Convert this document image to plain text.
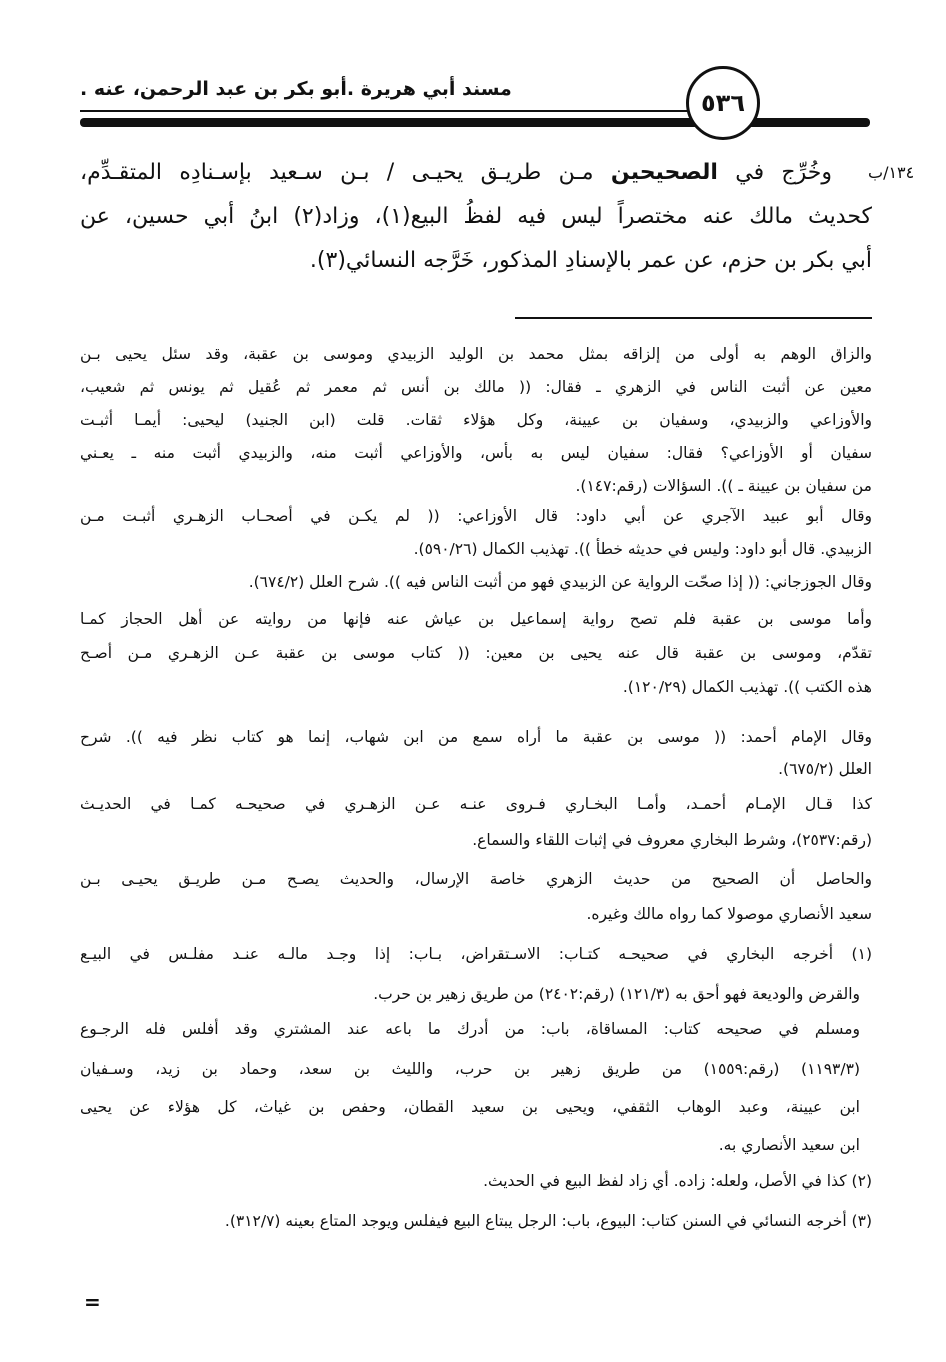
مسند أبي هريرة .أبو بكر بن عبد الرحمن، عنه .	٥٣٦
١٣٤/ب
وخُرِّج في الصحيحين مـن طريـق يحيـى / بـن سـعيد بإسـنادِه المتقـدِّم،
كحديث مالك عنه مختصراً ليس فيه لفظُ البيع(١)، وزاد(٢) ابنُ أبي حسين، عن
أبي بكر بن حزم، عن عمر بالإسنادِ المذكور، خَرَّجه النسائي(٣).
والزاق الوهم به أولى من إلزاقه بمثل محمد بن الوليد الزبيدي وموسى بن عقبة، وقد سئل يحيى بـن
معين عن أثبت الناس في الزهري ـ فقال: (( مالك بن أنس ثم معمر ثم عُقيل ثم يونس ثم شعيب،
والأوزاعي والزبيدي، وسفيان بن عيينة، وكل هؤلاء ثقات. قلت (ابن الجنيد) ليحيى: أيمـا أثبـت
سفيان أو الأوزاعي؟ فقال: سفيان ليس به بأس، والأوزاعي أثبت منه، والزبيدي أثبت منه ـ يعـني
من سفيان بن عيينة ـ )). السؤالات (رقم:١٤٧).
وقال أبو عبيد الآجري عن أبي داود: قال الأوزاعي: (( لم يكـن في أصحـاب الزهـري أثبـت مـن
الزبيدي. قال أبو داود: وليس في حديثه خطأ )). تهذيب الكمال (٥٩٠/٢٦).
وقال الجوزجاني: (( إذا صحّت الرواية عن الزبيدي فهو من أثبت الناس فيه )). شرح العلل (٦٧٤/٢).
وأما موسى بن عقبة فلم تصح رواية إسماعيل بن عياش عنه فإنها من روايته عن أهل الحجاز كمـا
تقدّم، وموسى بن عقبة قال عنه يحيى بن معين: (( كتاب موسى بن عقبة عـن الزهـري مـن أصـح
هذه الكتب )). تهذيب الكمال (١٢٠/٢٩).
وقال الإمام أحمد: (( موسى بن عقبة ما أراه سمع من ابن شهاب، إنما هو كتاب نظر فيه )). شرح
العلل (٦٧٥/٢).
كذا قـال الإمـام أحمـد، وأمـا البخـاري فـروى عنـه عـن الزهـري في صحيحـه كمـا في الحديـث
(رقم:٢٥٣٧)، وشرط البخاري معروف في إثبات اللقاء والسماع.
والحاصل أن الصحيح من حديث الزهري خاصة الإرسال، والحديث يصـح مـن طريـق يحيـى بـن
سعيد الأنصاري موصولا كما رواه مالك وغيره.
(١) أخرجه البخاري في صحيحـه كتـاب: الاسـتقراض، بـاب: إذا وجـد مالـه عنـد مفلـس في البيـع
والقرض والوديعة فهو أحق به (١٢١/٣) (رقم:٢٤٠٢) من طريق زهير بن حرب.
ومسلم في صحيحه كتاب: المساقاة، باب: من أدرك ما باعه عند المشتري وقد أفلس فله الرجـوع
(١١٩٣/٣) (رقم:١٥٥٩) من طريق زهير بن حرب، والليث بن سعد، وحماد بن زيد، وسـفيان
ابن عيينة، وعبد الوهاب الثقفي، ويحيى بن سعيد القطان، وحفص بن غياث، كل هؤلاء عن يحيى
ابن سعيد الأنصاري به.
(٢) كذا في الأصل، ولعله: زاده. أي زاد لفظ البيع في الحديث.
(٣) أخرجه النسائي في السنن كتاب: البيوع، باب: الرجل يبتاع البيع فيفلس ويوجد المتاع بعينه (٣١٢/٧).
=
